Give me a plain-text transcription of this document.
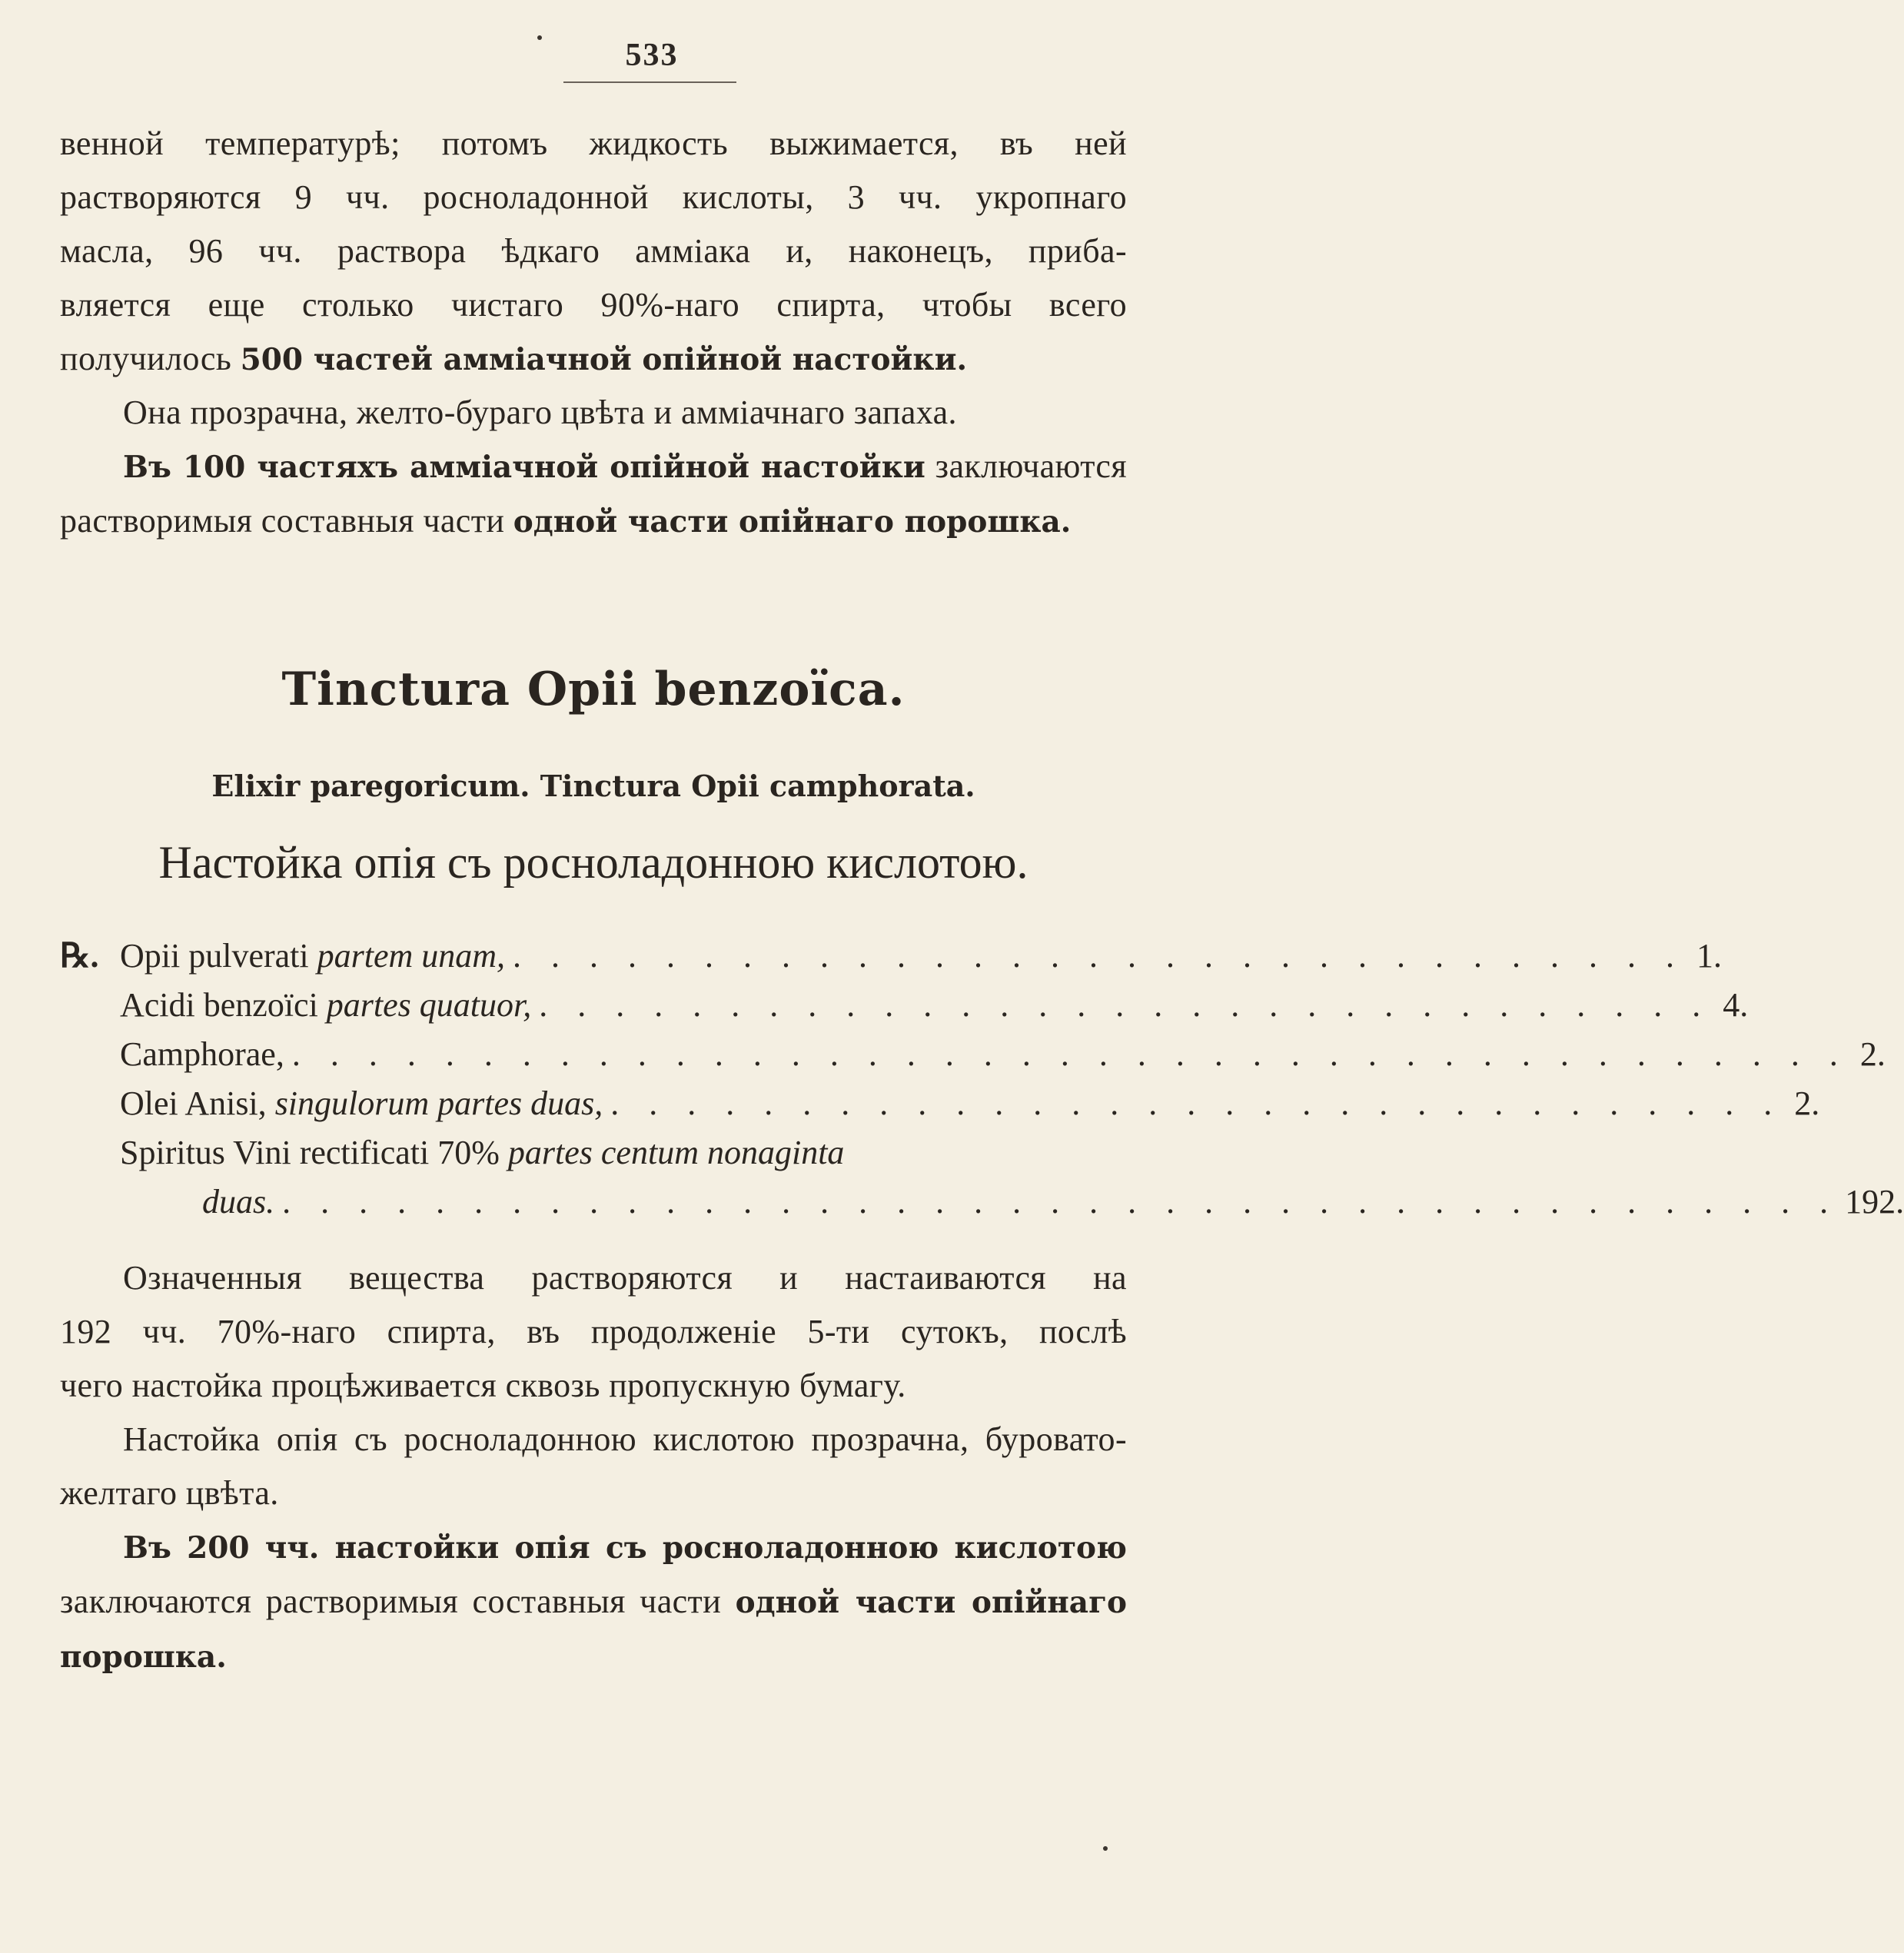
533
венной температурѣ; потомъ жидкость выжимается, въ ней
растворяются 9 чч. росноладонной кислоты, 3 чч. укропнаго
масла, 96 чч. раствора ѣдкаго амміака и, наконецъ, приба-
вляется еще столько чистаго 90%-наго спирта, чтобы всего
получилось 500 частей амміачной опійной настойки.
Она прозрачна, желто-бураго цвѣта и амміачнаго запаха.
Въ 100 частяхъ амміачной опійной настойки заключаются растворимыя составныя части одной части опійнаго порошка.
Tinctura Opii benzoïca.
Elixir paregoricum. Tinctura Opii camphorata.
Настойка опія съ росноладонною кислотою.
℞. Opii pulverati partem unam, . . . . . . . . . . . . . . . . . . . . . . . . . . . . . . . 1.
Acidi benzoïci partes quatuor, . . . . . . . . . . . . . . . . . . . . . . . . . . . . . . . 4.
Camphorae, . . . . . . . . . . . . . . . . . . . . . . . . . . . . . . . . . . . . . . . . . 2.
Olei Anisi, singulorum partes duas, . . . . . . . . . . . . . . . . . . . . . . . . . . . . . . . 2.
Spiritus Vini rectificati 70% partes centum nonaginta
duas. . . . . . . . . . . . . . . . . . . . . . . . . . . . . . . . . . . . . . . . . . 192.
Означенныя вещества растворяются и настаиваются на
192 чч. 70%-наго спирта, въ продолженіе 5-ти сутокъ, послѣ
чего настойка процѣживается сквозь пропускную бумагу.
Настойка опія съ росноладонною кислотою прозрачна, буровато-желтаго цвѣта.
Въ 200 чч. настойки опія съ росноладонною кислотою заключаются растворимыя составныя части одной части опійнаго порошка.
